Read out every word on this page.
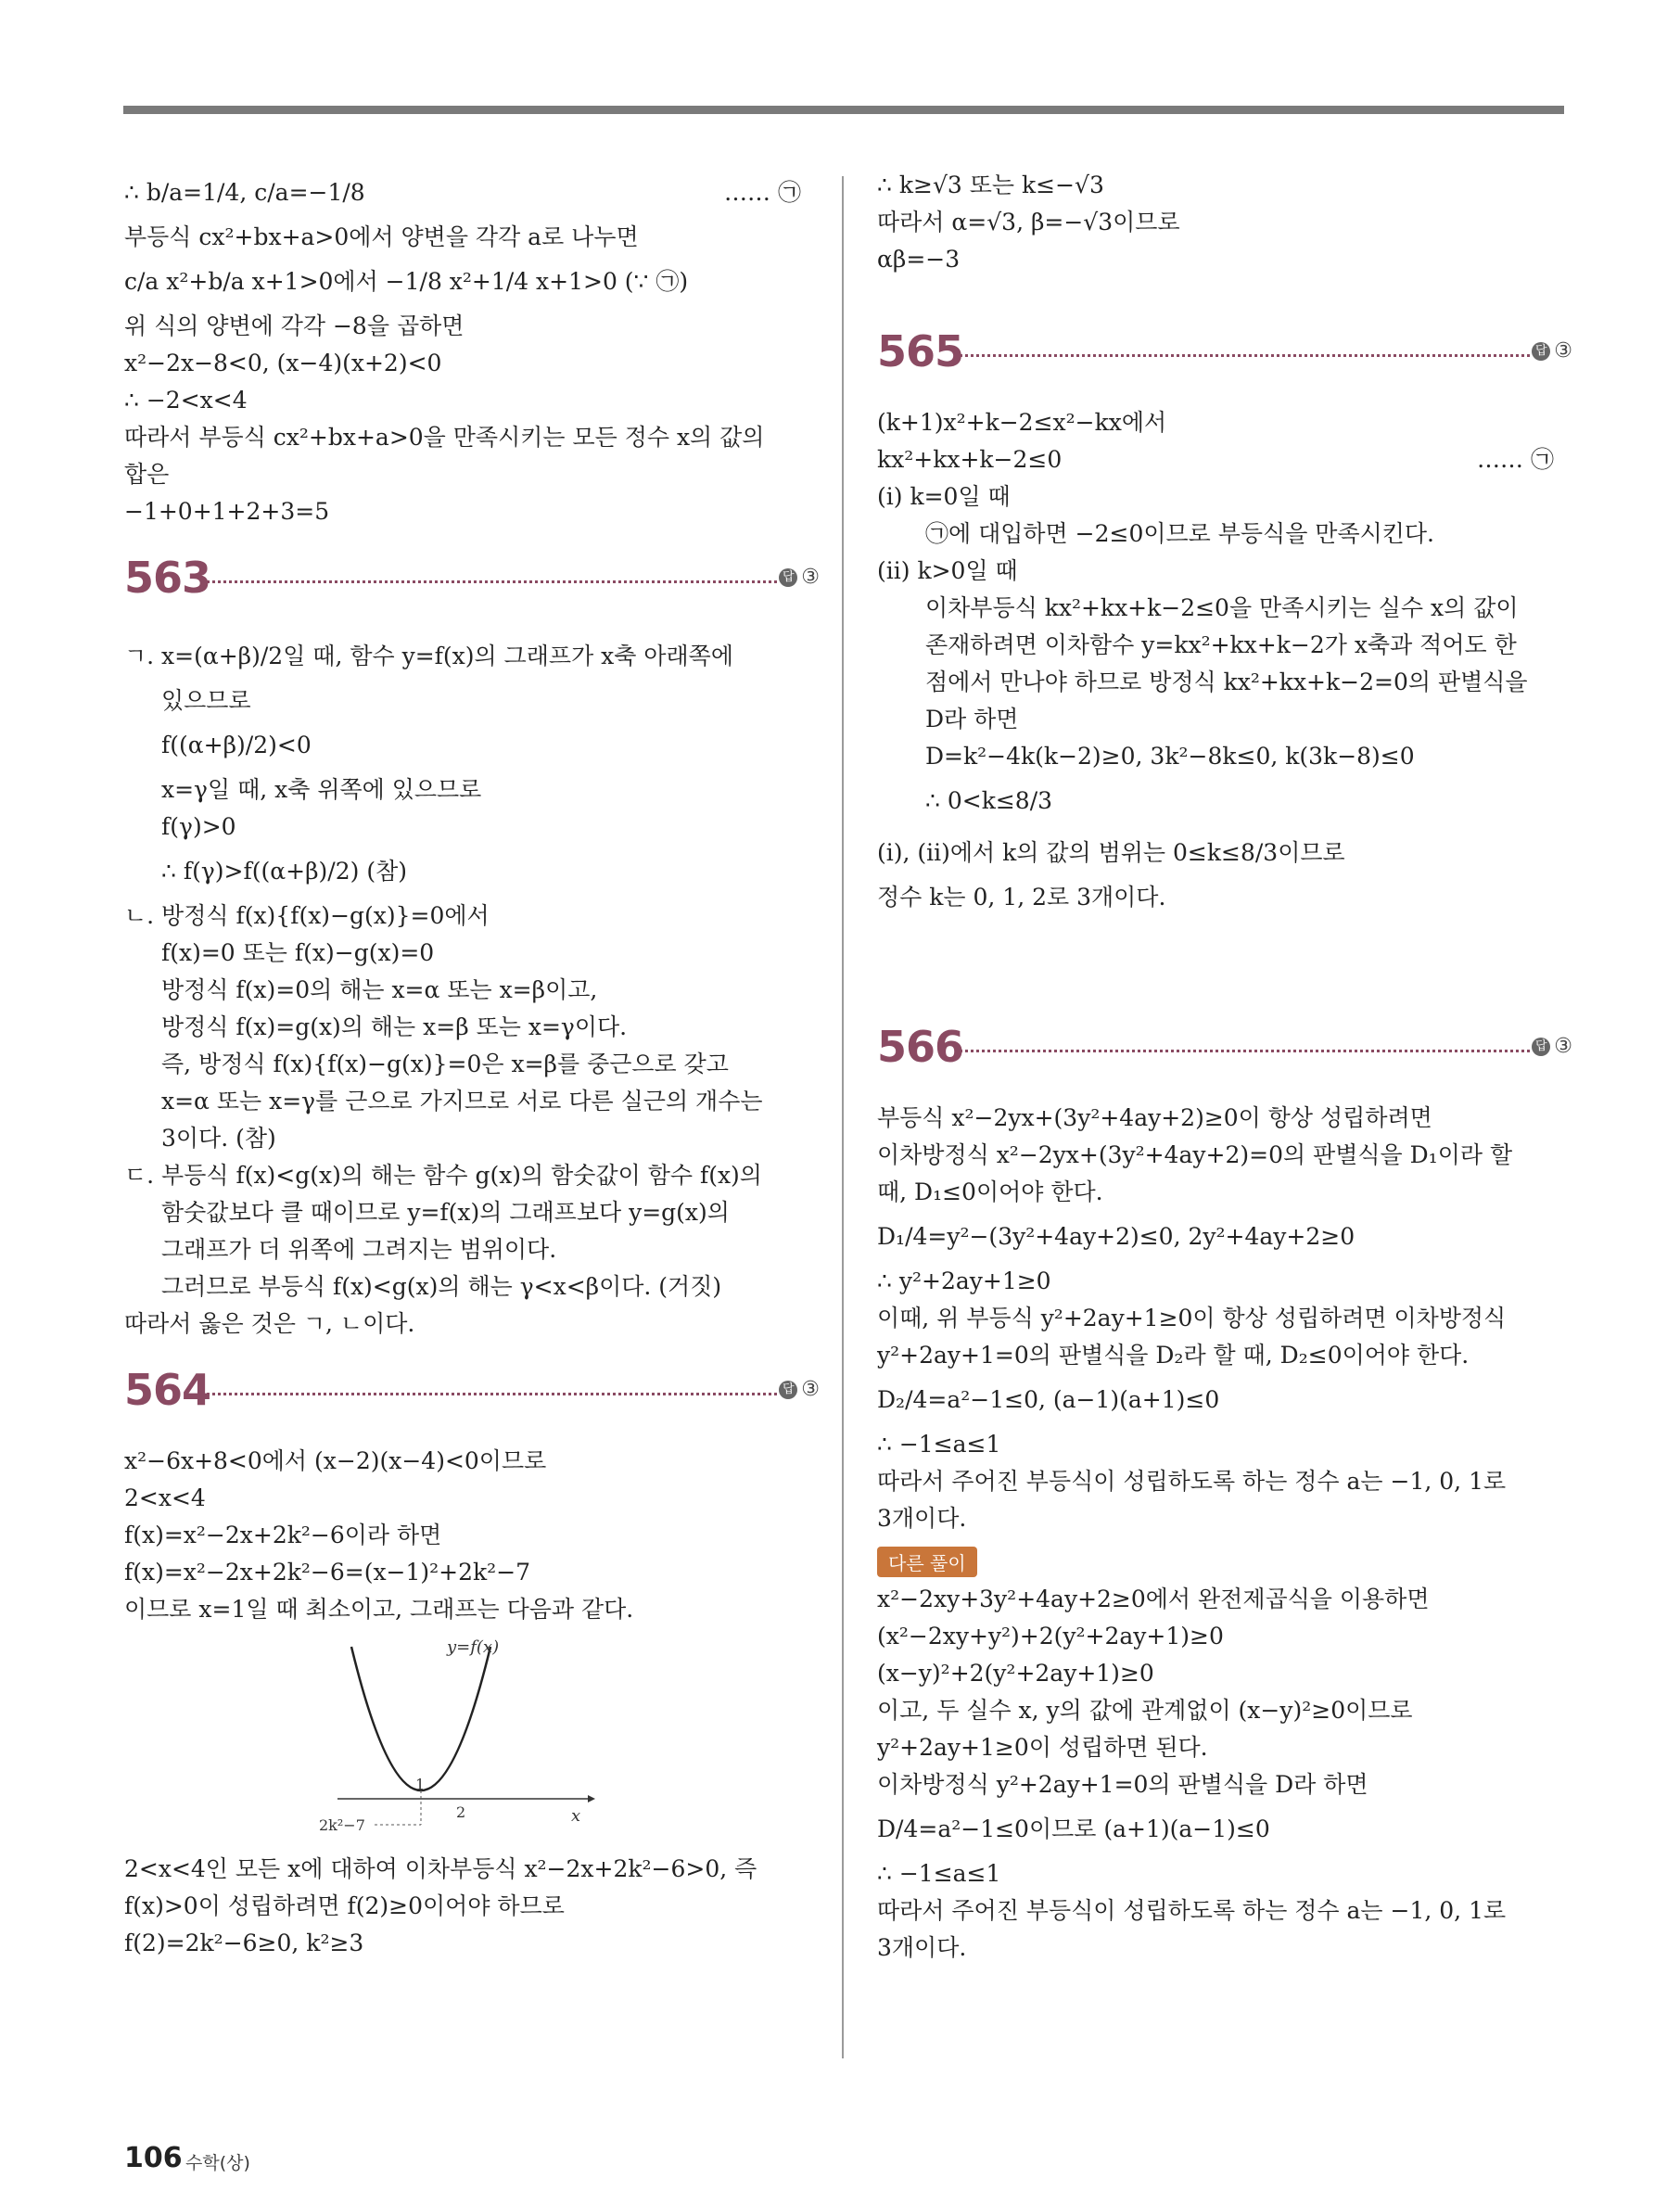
∴ b/a=1/4, c/a=−1/8	…… ㉠
부등식 cx²+bx+a>0에서 양변을 각각 a로 나누면
c/a x²+b/a x+1>0에서 −1/8 x²+1/4 x+1>0 (∵ ㉠)
위 식의 양변에 각각 −8을 곱하면
x²−2x−8<0, (x−4)(x+2)<0
∴ −2<x<4
따라서 부등식 cx²+bx+a>0을 만족시키는 모든 정수 x의 값의
합은
−1+0+1+2+3=5
563	답 ③
ㄱ. x=(α+β)/2일 때, 함수 y=f(x)의 그래프가 x축 아래쪽에
있으므로
f((α+β)/2)<0
x=γ일 때, x축 위쪽에 있으므로
f(γ)>0
∴ f(γ)>f((α+β)/2) (참)
ㄴ. 방정식 f(x){f(x)−g(x)}=0에서
f(x)=0 또는 f(x)−g(x)=0
방정식 f(x)=0의 해는 x=α 또는 x=β이고,
방정식 f(x)=g(x)의 해는 x=β 또는 x=γ이다.
즉, 방정식 f(x){f(x)−g(x)}=0은 x=β를 중근으로 갖고
x=α 또는 x=γ를 근으로 가지므로 서로 다른 실근의 개수는
3이다. (참)
ㄷ. 부등식 f(x)<g(x)의 해는 함수 g(x)의 함숫값이 함수 f(x)의
함숫값보다 클 때이므로 y=f(x)의 그래프보다 y=g(x)의
그래프가 더 위쪽에 그려지는 범위이다.
그러므로 부등식 f(x)<g(x)의 해는 γ<x<β이다. (거짓)
따라서 옳은 것은 ㄱ, ㄴ이다.
564	답 ③
x²−6x+8<0에서 (x−2)(x−4)<0이므로
2<x<4
f(x)=x²−2x+2k²−6이라 하면
f(x)=x²−2x+2k²−6=(x−1)²+2k²−7
이므로 x=1일 때 최소이고, 그래프는 다음과 같다.
y=f(x)
x
1
2
2k²−7
2<x<4인 모든 x에 대하여 이차부등식 x²−2x+2k²−6>0, 즉
f(x)>0이 성립하려면 f(2)≥0이어야 하므로
f(2)=2k²−6≥0, k²≥3
∴ k≥√3 또는 k≤−√3
따라서 α=√3, β=−√3이므로
αβ=−3
565	답 ③
(k+1)x²+k−2≤x²−kx에서
kx²+kx+k−2≤0	…… ㉠
(i) k=0일 때
㉠에 대입하면 −2≤0이므로 부등식을 만족시킨다.
(ii) k>0일 때
이차부등식 kx²+kx+k−2≤0을 만족시키는 실수 x의 값이
존재하려면 이차함수 y=kx²+kx+k−2가 x축과 적어도 한
점에서 만나야 하므로 방정식 kx²+kx+k−2=0의 판별식을
D라 하면
D=k²−4k(k−2)≥0, 3k²−8k≤0, k(3k−8)≤0
∴ 0<k≤8/3
(i), (ii)에서 k의 값의 범위는 0≤k≤8/3이므로
정수 k는 0, 1, 2로 3개이다.
566	답 ③
부등식 x²−2yx+(3y²+4ay+2)≥0이 항상 성립하려면
이차방정식 x²−2yx+(3y²+4ay+2)=0의 판별식을 D₁이라 할
때, D₁≤0이어야 한다.
D₁/4=y²−(3y²+4ay+2)≤0, 2y²+4ay+2≥0
∴ y²+2ay+1≥0
이때, 위 부등식 y²+2ay+1≥0이 항상 성립하려면 이차방정식
y²+2ay+1=0의 판별식을 D₂라 할 때, D₂≤0이어야 한다.
D₂/4=a²−1≤0, (a−1)(a+1)≤0
∴ −1≤a≤1
따라서 주어진 부등식이 성립하도록 하는 정수 a는 −1, 0, 1로
3개이다.
다른 풀이
x²−2xy+3y²+4ay+2≥0에서 완전제곱식을 이용하면
(x²−2xy+y²)+2(y²+2ay+1)≥0
(x−y)²+2(y²+2ay+1)≥0
이고, 두 실수 x, y의 값에 관계없이 (x−y)²≥0이므로
y²+2ay+1≥0이 성립하면 된다.
이차방정식 y²+2ay+1=0의 판별식을 D라 하면
D/4=a²−1≤0이므로 (a+1)(a−1)≤0
∴ −1≤a≤1
따라서 주어진 부등식이 성립하도록 하는 정수 a는 −1, 0, 1로
3개이다.
106 수학(상)
